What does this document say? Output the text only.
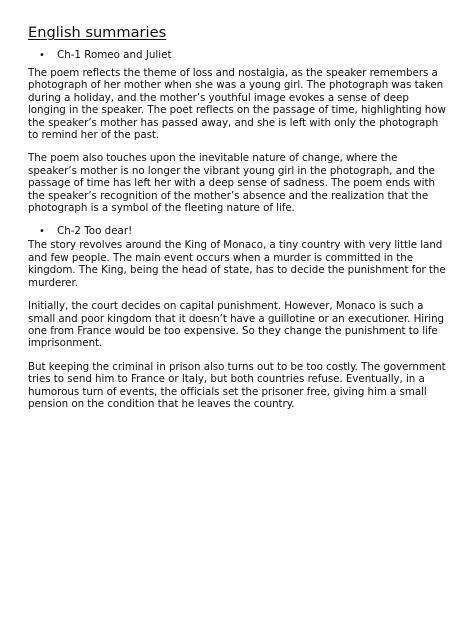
English summaries
•	Ch-1 Romeo and Juliet

The poem reflects the theme of loss and nostalgia, as the speaker remembers a photograph of her mother when she was a young girl. The photograph was taken during a holiday, and the mother’s youthful image evokes a sense of deep longing in the speaker. The poet reflects on the passage of time, highlighting how the speaker’s mother has passed away, and she is left with only the photograph to remind her of the past.

The poem also touches upon the inevitable nature of change, where the speaker’s mother is no longer the vibrant young girl in the photograph, and the passage of time has left her with a deep sense of sadness. The poem ends with the speaker’s recognition of the mother’s absence and the realization that the photograph is a symbol of the fleeting nature of life.

•	Ch-2 Too dear!

The story revolves around the King of Monaco, a tiny country with very little land and few people. The main event occurs when a murder is committed in the kingdom. The King, being the head of state, has to decide the punishment for the murderer.

Initially, the court decides on capital punishment. However, Monaco is such a small and poor kingdom that it doesn’t have a guillotine or an executioner. Hiring one from France would be too expensive. So they change the punishment to life imprisonment.

But keeping the criminal in prison also turns out to be too costly. The government tries to send him to France or Italy, but both countries refuse. Eventually, in a humorous turn of events, the officials set the prisoner free, giving him a small pension on the condition that he leaves the country.
